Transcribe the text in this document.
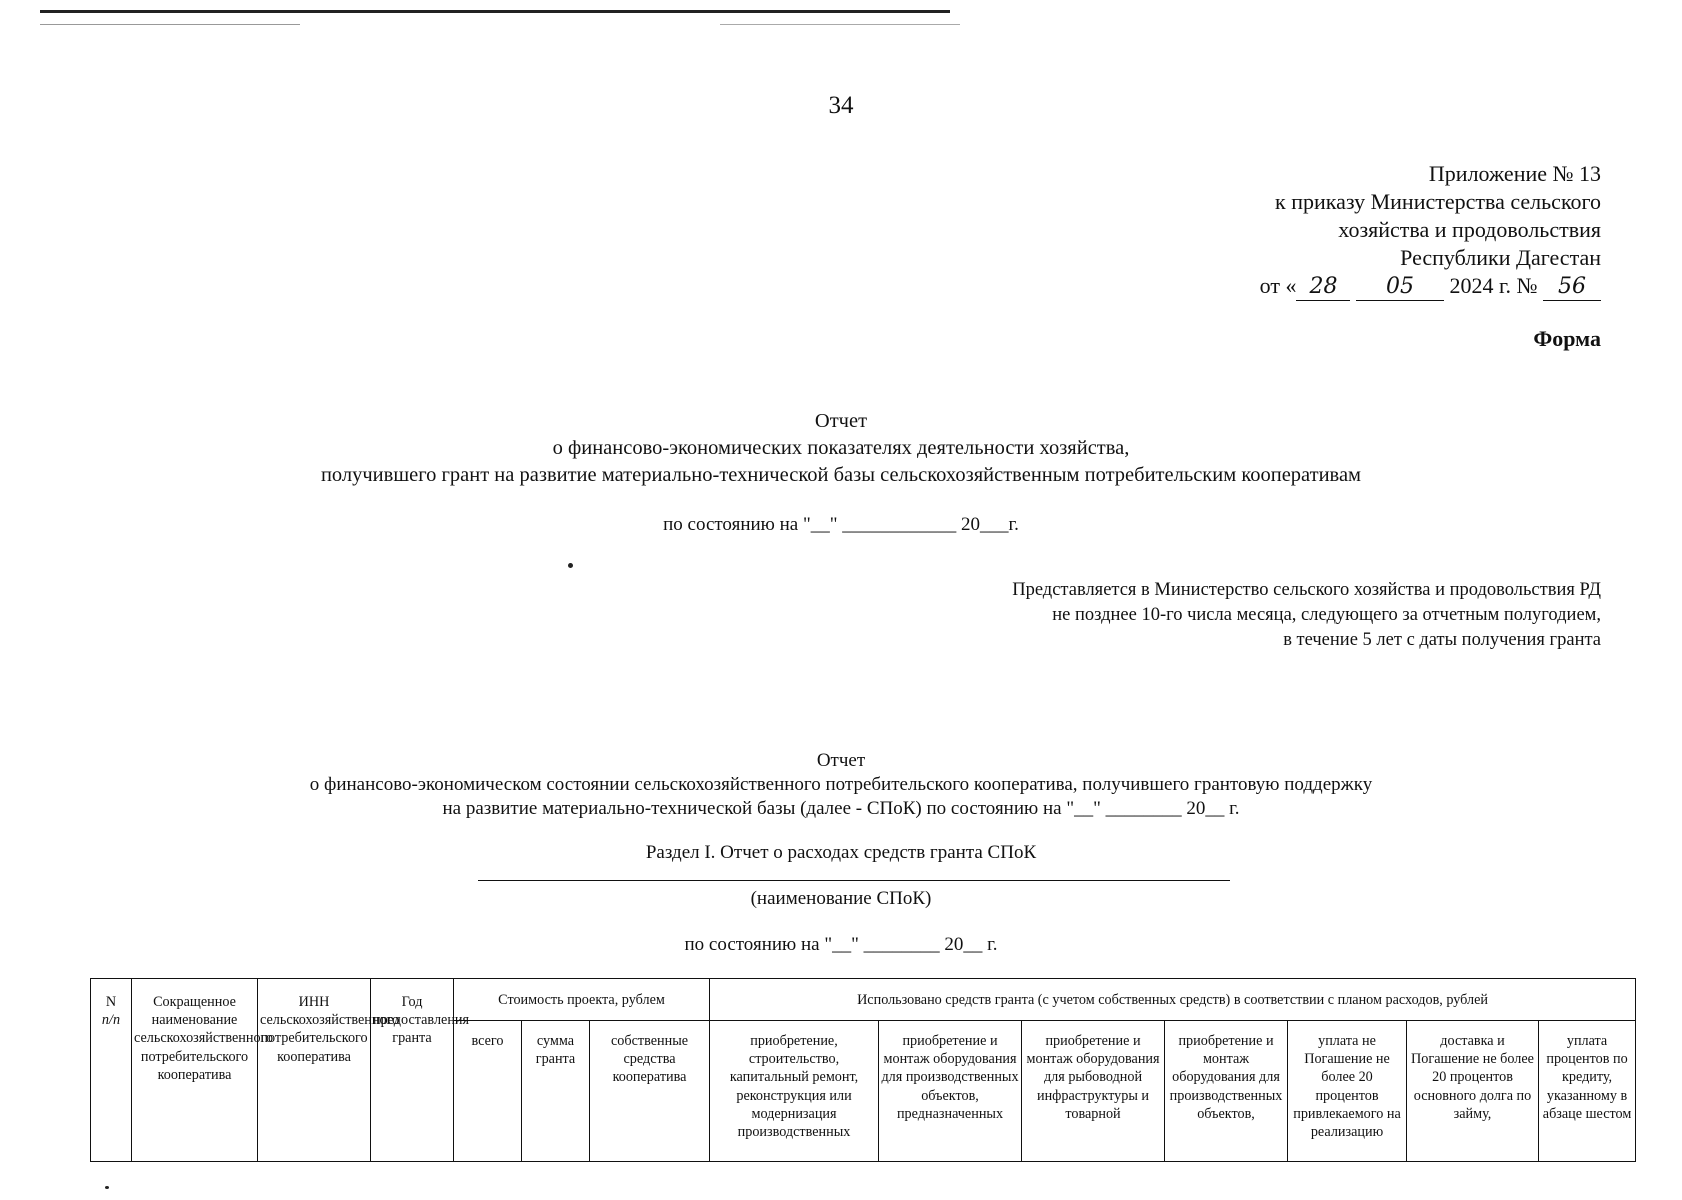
34
Приложение № 13
к приказу Министерства сельского
хозяйства и продовольствия
Республики Дагестан
от « 28 05 2024 г. № 56
Форма
Отчет
о финансово-экономических показателях деятельности хозяйства,
получившего грант на развитие материально-технической базы сельскохозяйственным потребительским кооперативам
по состоянию на "__" ____________ 20___г.
Представляется в Министерство сельского хозяйства и продовольствия РД
не позднее 10-го числа месяца, следующего за отчетным полугодием,
в течение 5 лет с даты получения гранта
Отчет
о финансово-экономическом состоянии сельскохозяйственного потребительского кооператива, получившего грантовую поддержку
на развитие материально-технической базы (далее - СПоК) по состоянию на "__" ________ 20__ г.
Раздел I. Отчет о расходах средств гранта СПоК
(наименование СПоК)
по состоянию на "__" ________ 20__ г.
N
п/п	Сокращенное наименование сельскохозяйственного потребительского кооператива	ИНН сельскохозяйственного потребительского кооператива	Год предоставления гранта	Стоимость проекта, рублем			Использовано средств гранта (с учетом собственных средств) в соответствии с планом расходов, рублей						
				всего	сумма гранта	собственные средства кооператива	приобретение, строительство, капитальный ремонт, реконструкция или модернизация производственных	приобретение и монтаж оборудования для производственных объектов, предназначенных	приобретение и монтаж оборудования для рыбоводной инфраструктуры и товарной	приобретение и монтаж оборудования для производственных объектов,	уплата не Погашение не более 20 процентов привлекаемого на реализацию	доставка и Погашение не более 20 процентов основного долга по займу,	уплата процентов по кредиту, указанному в абзаце шестом
